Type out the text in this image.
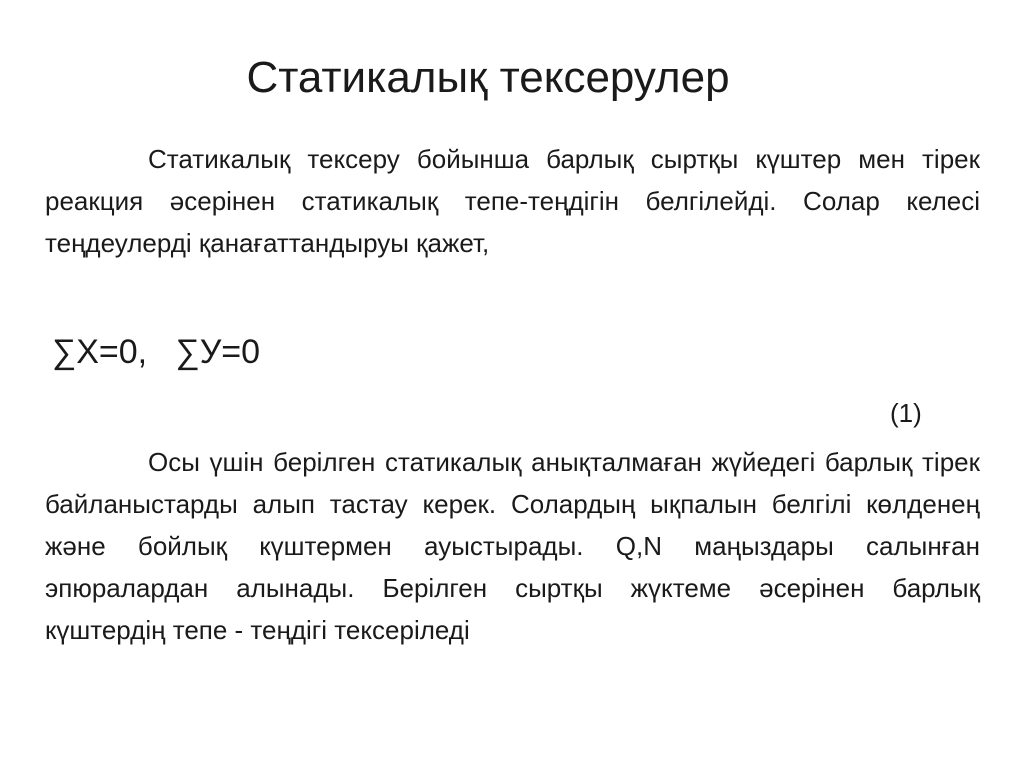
Статикалық тексерулер

Статикалық тексеру бойынша барлық сыртқы күштер мен тірек реакция әсерінен статикалық тепе-теңдігін белгілейді. Солар келесі теңдеулерді қанағаттандыруы қажет,

∑X=0,   ∑У=0

(1)

Осы үшін берілген статикалық анықталмаған жүйедегі барлық тірек байланыстарды алып тастау керек. Солардың ықпалын белгілі көлденең және бойлық күштермен ауыстырады. Q,N маңыздары салынған эпюралардан алынады. Берілген сыртқы жүктеме әсерінен барлық күштердің тепе - теңдігі тексеріледі
